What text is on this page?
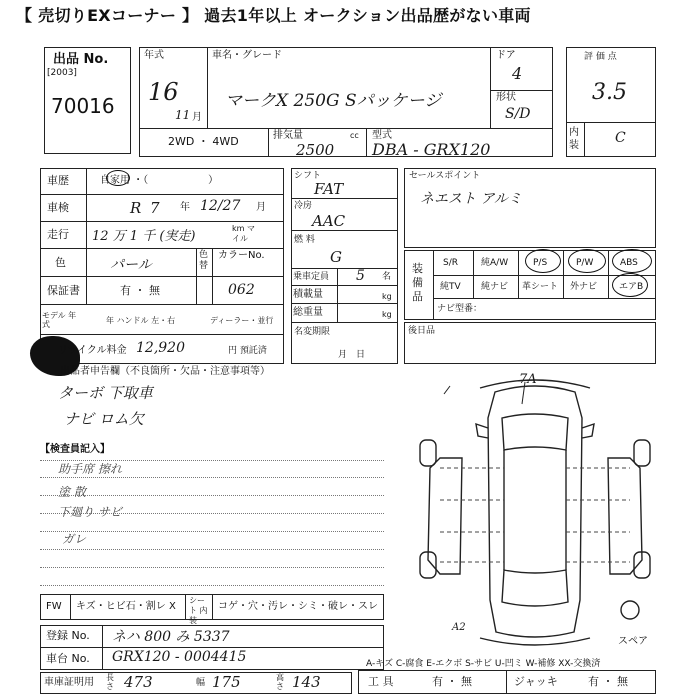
【 売切りEXコーナー 】 過去1年以上 オークション出品歴がない車両
出品 No.
[2003]
70016
年式
16
11 月
車名・グレード
マークX 250G Sパッケージ
ドア
4
形状
S/D
2WD ・ 4WD	排気量	cc
2500
型式
DBA - GRX120
評 価 点
3.5
内 装	C
車歴	自家用 ・（　　　　　　）
車検	R 7 年 12/27 月
走行 12 万 1 千 (実走)
km マイル
色	パール
色 替
カラーNo.
062
保証書	有 ・ 無
モデル 年 式	年 ハンドル 左・右	ディーラー・並行
リサイクル料金 12,920	円 預託済
シフト
FAT
冷房
AAC
燃 料
G
乗車定員 5 名
積載量	kg
総重量	kg
名変期限
月　日
セールスポイント
ネエスト アルミ
装 備 品
S/R	純A/W	P/S	P/W	ABS
純TV 純ナビ 革シート 外ナビ エアB
ナビ型番：
後日品
出品者申告欄（不良箇所・欠品・注意事項等）
ターボ 下取車
ナビ ロム欠
【検査員記入】
助手席 擦れ
塗 散
下廻り サビ
ガレ
FW キズ・ヒビ石・割レ X
シート 内装
コゲ・穴・汚レ・シミ・破レ・スレ
登録 No. ネハ 800 み 5337
車台 No. GRX120 - 0004415
車庫証明用 長さ 473	幅 175	高さ 143
A-キズ C-腐食 E-エクボ S-サビ U-凹ミ W-補修 XX-交換済
工 具	有 ・ 無	ジャッキ	有 ・ 無
7A
A2
スペア
